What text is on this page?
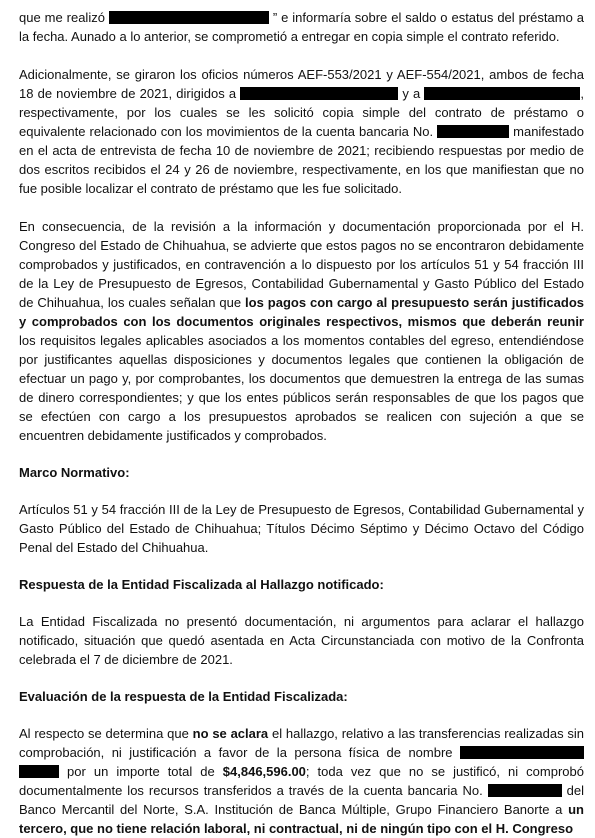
que me realizó	” e informaría sobre el saldo o estatus del préstamo a la fecha. Aunado a lo anterior, se comprometió a entregar en copia simple el contrato referido.

Adicionalmente, se giraron los oficios números AEF-553/2021 y AEF-554/2021, ambos de fecha 18 de noviembre de 2021, dirigidos a	y a	, respectivamente, por los cuales se les solicitó copia simple del contrato de préstamo o equivalente relacionado con los movimientos de la cuenta bancaria No.	manifestado en el acta de entrevista de fecha 10 de noviembre de 2021; recibiendo respuestas por medio de dos escritos recibidos el 24 y 26 de noviembre, respectivamente, en los que manifiestan que no fue posible localizar el contrato de préstamo que les fue solicitado.

En consecuencia, de la revisión a la información y documentación proporcionada por el H. Congreso del Estado de Chihuahua, se advierte que estos pagos no se encontraron debidamente comprobados y justificados, en contravención a lo dispuesto por los artículos 51 y 54 fracción III de la Ley de Presupuesto de Egresos, Contabilidad Gubernamental y Gasto Público del Estado de Chihuahua, los cuales señalan que los pagos con cargo al presupuesto serán justificados y comprobados con los documentos originales respectivos, mismos que deberán reunir los requisitos legales aplicables asociados a los momentos contables del egreso, entendiéndose por justificantes aquellas disposiciones y documentos legales que contienen la obligación de efectuar un pago y, por comprobantes, los documentos que demuestren la entrega de las sumas de dinero correspondientes; y que los entes públicos serán responsables de que los pagos que se efectúen con cargo a los presupuestos aprobados se realicen con sujeción a que se encuentren debidamente justificados y comprobados.

Marco Normativo:

Artículos 51 y 54 fracción III de la Ley de Presupuesto de Egresos, Contabilidad Gubernamental y Gasto Público del Estado de Chihuahua; Títulos Décimo Séptimo y Décimo Octavo del Código Penal del Estado del Chihuahua.

Respuesta de la Entidad Fiscalizada al Hallazgo notificado:

La Entidad Fiscalizada no presentó documentación, ni argumentos para aclarar el hallazgo notificado, situación que quedó asentada en Acta Circunstanciada con motivo de la Confronta celebrada el 7 de diciembre de 2021.

Evaluación de la respuesta de la Entidad Fiscalizada:

Al respecto se determina que no se aclara el hallazgo, relativo a las transferencias realizadas sin comprobación, ni justificación a favor de la persona física de nombre   por un importe total de $4,846,596.00; toda vez que no se justificó, ni comprobó documentalmente los recursos transferidos a través de la cuenta bancaria No.	del Banco Mercantil del Norte, S.A. Institución de Banca Múltiple, Grupo Financiero Banorte a un tercero, que no tiene relación laboral, ni contractual, ni de ningún tipo con el H. Congreso
